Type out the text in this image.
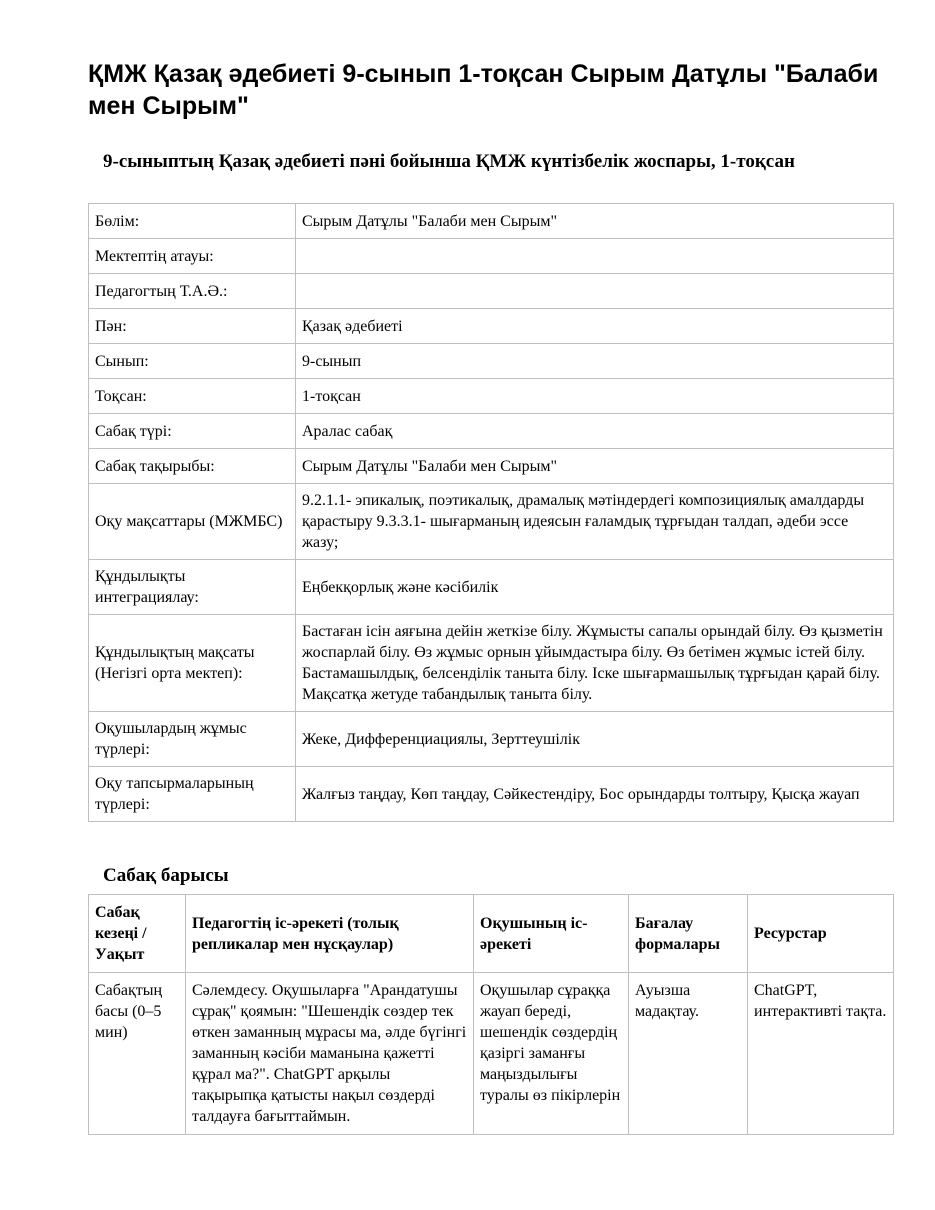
ҚМЖ Қазақ әдебиеті 9-сынып 1-тоқсан Сырым Датұлы "Балаби мен Сырым"
9-сыныптың Қазақ әдебиеті пәні бойынша ҚМЖ күнтізбелік жоспары, 1-тоқсан
Бөлім:	Сырым Датұлы "Балаби мен Сырым"
Мектептің атауы:	
Педагогтың Т.А.Ә.:	
Пән:	Қазақ әдебиеті
Сынып:	9-сынып
Тоқсан:	1-тоқсан
Сабақ түрі:	Аралас сабақ
Сабақ тақырыбы:	Сырым Датұлы "Балаби мен Сырым"
Оқу мақсаттары (МЖМБС)	9.2.1.1- эпикалық, поэтикалық, драмалық мәтіндердегі композициялық амалдарды қарастыру 9.3.3.1- шығарманың идеясын ғаламдық тұрғыдан талдап, әдеби эссе жазу;
Құндылықты интеграциялау:	Еңбекқорлық және кәсібилік
Құндылықтың мақсаты (Негізгі орта мектеп):	Бастаған ісін аяғына дейін жеткізе білу. Жұмысты сапалы орындай білу. Өз қызметін жоспарлай білу. Өз жұмыс орнын ұйымдастыра білу. Өз бетімен жұмыс істей білу. Бастамашылдық, белсенділік таныта білу. Іске шығармашылық тұрғыдан қарай білу. Мақсатқа жетуде табандылық таныта білу.
Оқушылардың жұмыс түрлері:	Жеке, Дифференциациялы, Зерттеушілік
Оқу тапсырмаларының түрлері:	Жалғыз таңдау, Көп таңдау, Сәйкестендіру, Бос орындарды толтыру, Қысқа жауап
Сабақ барысы
Сабақ кезеңі / Уақыт	Педагогтің іс-әрекеті (толық репликалар мен нұсқаулар)	Оқушының іс-әрекеті	Бағалау формалары	Ресурстар
Сабақтың басы (0–5 мин)	Сәлемдесу. Оқушыларға "Арандатушы сұрақ" қоямын: "Шешендік сөздер тек өткен заманның мұрасы ма, әлде бүгінгі заманның кәсіби маманына қажетті құрал ма?". ChatGPT арқылы тақырыпқа қатысты нақыл сөздерді талдауға бағыттаймын.	Оқушылар сұраққа жауап береді, шешендік сөздердің қазіргі заманғы маңыздылығы туралы өз пікірлерін	Ауызша мадақтау.	ChatGPT, интерактивті тақта.
